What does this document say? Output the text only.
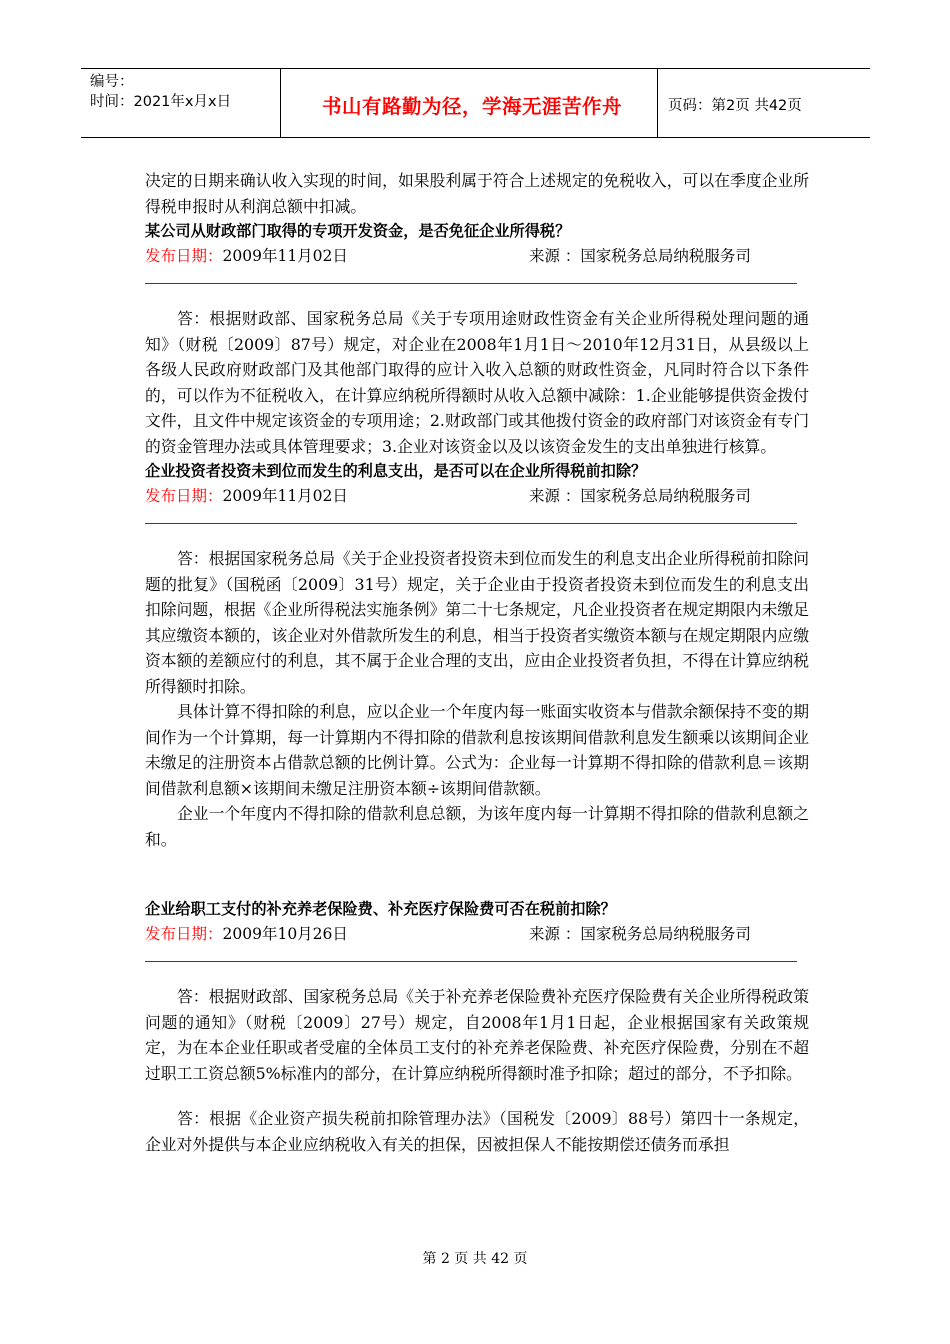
编号：
时间：2021年x月x日	书山有路勤为径，学海无涯苦作舟	页码：第2页 共42页

决定的日期来确认收入实现的时间，如果股利属于符合上述规定的免税收入，可以在季度企业所得税申报时从利润总额中扣减。

某公司从财政部门取得的专项开发资金，是否免征企业所得税？

发布日期：2009年11月02日	来源 ：国家税务总局纳税服务司

答：根据财政部、国家税务总局《关于专项用途财政性资金有关企业所得税处理问题的通知》（财税〔2009〕87号）规定，对企业在2008年1月1日～2010年12月31日，从县级以上各级人民政府财政部门及其他部门取得的应计入收入总额的财政性资金，凡同时符合以下条件的，可以作为不征税收入，在计算应纳税所得额时从收入总额中减除：1.企业能够提供资金拨付文件，且文件中规定该资金的专项用途；2.财政部门或其他拨付资金的政府部门对该资金有专门的资金管理办法或具体管理要求；3.企业对该资金以及以该资金发生的支出单独进行核算。

企业投资者投资未到位而发生的利息支出，是否可以在企业所得税前扣除？

发布日期：2009年11月02日	来源 ：国家税务总局纳税服务司

答：根据国家税务总局《关于企业投资者投资未到位而发生的利息支出企业所得税前扣除问题的批复》（国税函〔2009〕31号）规定，关于企业由于投资者投资未到位而发生的利息支出扣除问题，根据《企业所得税法实施条例》第二十七条规定，凡企业投资者在规定期限内未缴足其应缴资本额的，该企业对外借款所发生的利息，相当于投资者实缴资本额与在规定期限内应缴资本额的差额应付的利息，其不属于企业合理的支出，应由企业投资者负担，不得在计算应纳税所得额时扣除。

具体计算不得扣除的利息，应以企业一个年度内每一账面实收资本与借款余额保持不变的期间作为一个计算期，每一计算期内不得扣除的借款利息按该期间借款利息发生额乘以该期间企业未缴足的注册资本占借款总额的比例计算。公式为：企业每一计算期不得扣除的借款利息＝该期间借款利息额×该期间未缴足注册资本额÷该期间借款额。

企业一个年度内不得扣除的借款利息总额，为该年度内每一计算期不得扣除的借款利息额之和。

企业给职工支付的补充养老保险费、补充医疗保险费可否在税前扣除？

发布日期：2009年10月26日	来源 ：国家税务总局纳税服务司

答：根据财政部、国家税务总局《关于补充养老保险费补充医疗保险费有关企业所得税政策问题的通知》（财税〔2009〕27号）规定，自2008年1月1日起，企业根据国家有关政策规定，为在本企业任职或者受雇的全体员工支付的补充养老保险费、补充医疗保险费，分别在不超过职工工资总额5%标准内的部分，在计算应纳税所得额时准予扣除；超过的部分，不予扣除。

答：根据《企业资产损失税前扣除管理办法》（国税发〔2009〕88号）第四十一条规定，企业对外提供与本企业应纳税收入有关的担保，因被担保人不能按期偿还债务而承担

第 2 页 共 42 页
